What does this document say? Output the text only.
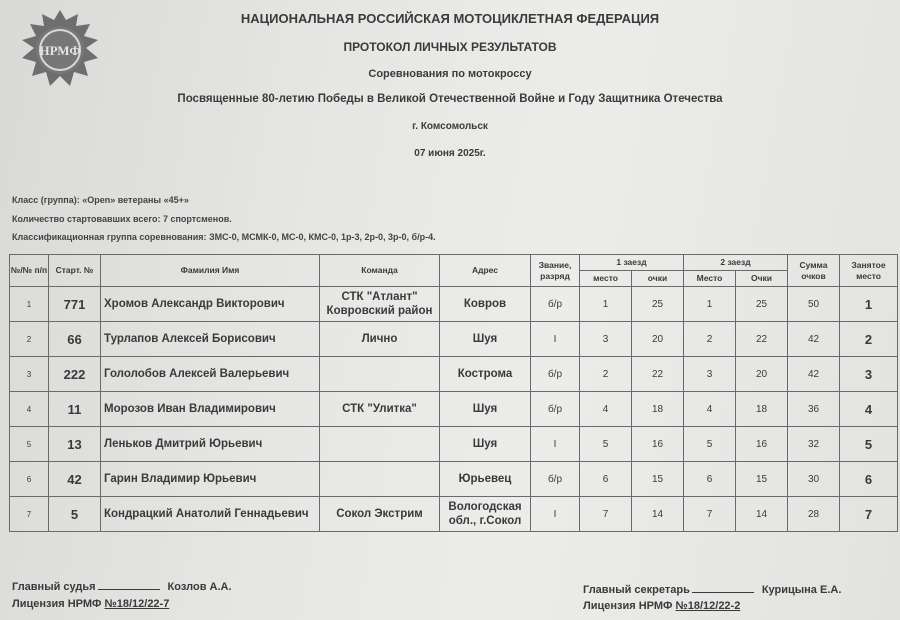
НРМФ
НАЦИОНАЛЬНАЯ РОССИЙСКАЯ МОТОЦИКЛЕТНАЯ ФЕДЕРАЦИЯ
ПРОТОКОЛ ЛИЧНЫХ РЕЗУЛЬТАТОВ
Соревнования по мотокроссу
Посвященные 80-летию Победы в Великой Отечественной Войне и Году Защитника Отечества
г. Комсомольск
07 июня 2025г.
Класс (группа): «Open» ветераны «45+»
Количество стартовавших всего: 7 спортсменов.
Классификационная группа соревнования: ЗМС-0, МСМК-0, МС-0, КМС-0, 1р-3, 2р-0, 3р-0, б/р-4.
№/№ п/п	Старт. №	Фамилия Имя	Команда	Адрес	Звание, разряд	1 заезд		2 заезд		Сумма очков	Занятое место
						место	очки	Место	Очки		
1	771	Хромов Александр Викторович	СТК "Атлант" Ковровский район	Ковров	б/р	1	25	1	25	50	1
2	66	Турлапов Алексей Борисович	Лично	Шуя	I	3	20	2	22	42	2
3	222	Гололобов Алексей Валерьевич		Кострома	б/р	2	22	3	20	42	3
4	11	Морозов Иван Владимирович	СТК "Улитка"	Шуя	б/р	4	18	4	18	36	4
5	13	Леньков Дмитрий Юрьевич		Шуя	I	5	16	5	16	32	5
6	42	Гарин Владимир Юрьевич		Юрьевец	б/р	6	15	6	15	30	6
7	5	Кондрацкий Анатолий Геннадьевич	Сокол Экстрим	Вологодская обл., г.Сокол	I	7	14	7	14	28	7
Главный судья	Козлов А.А.
Лицензия НРМФ №18/12/22-7
Главный секретарь	Курицына Е.А.
Лицензия НРМФ №18/12/22-2
